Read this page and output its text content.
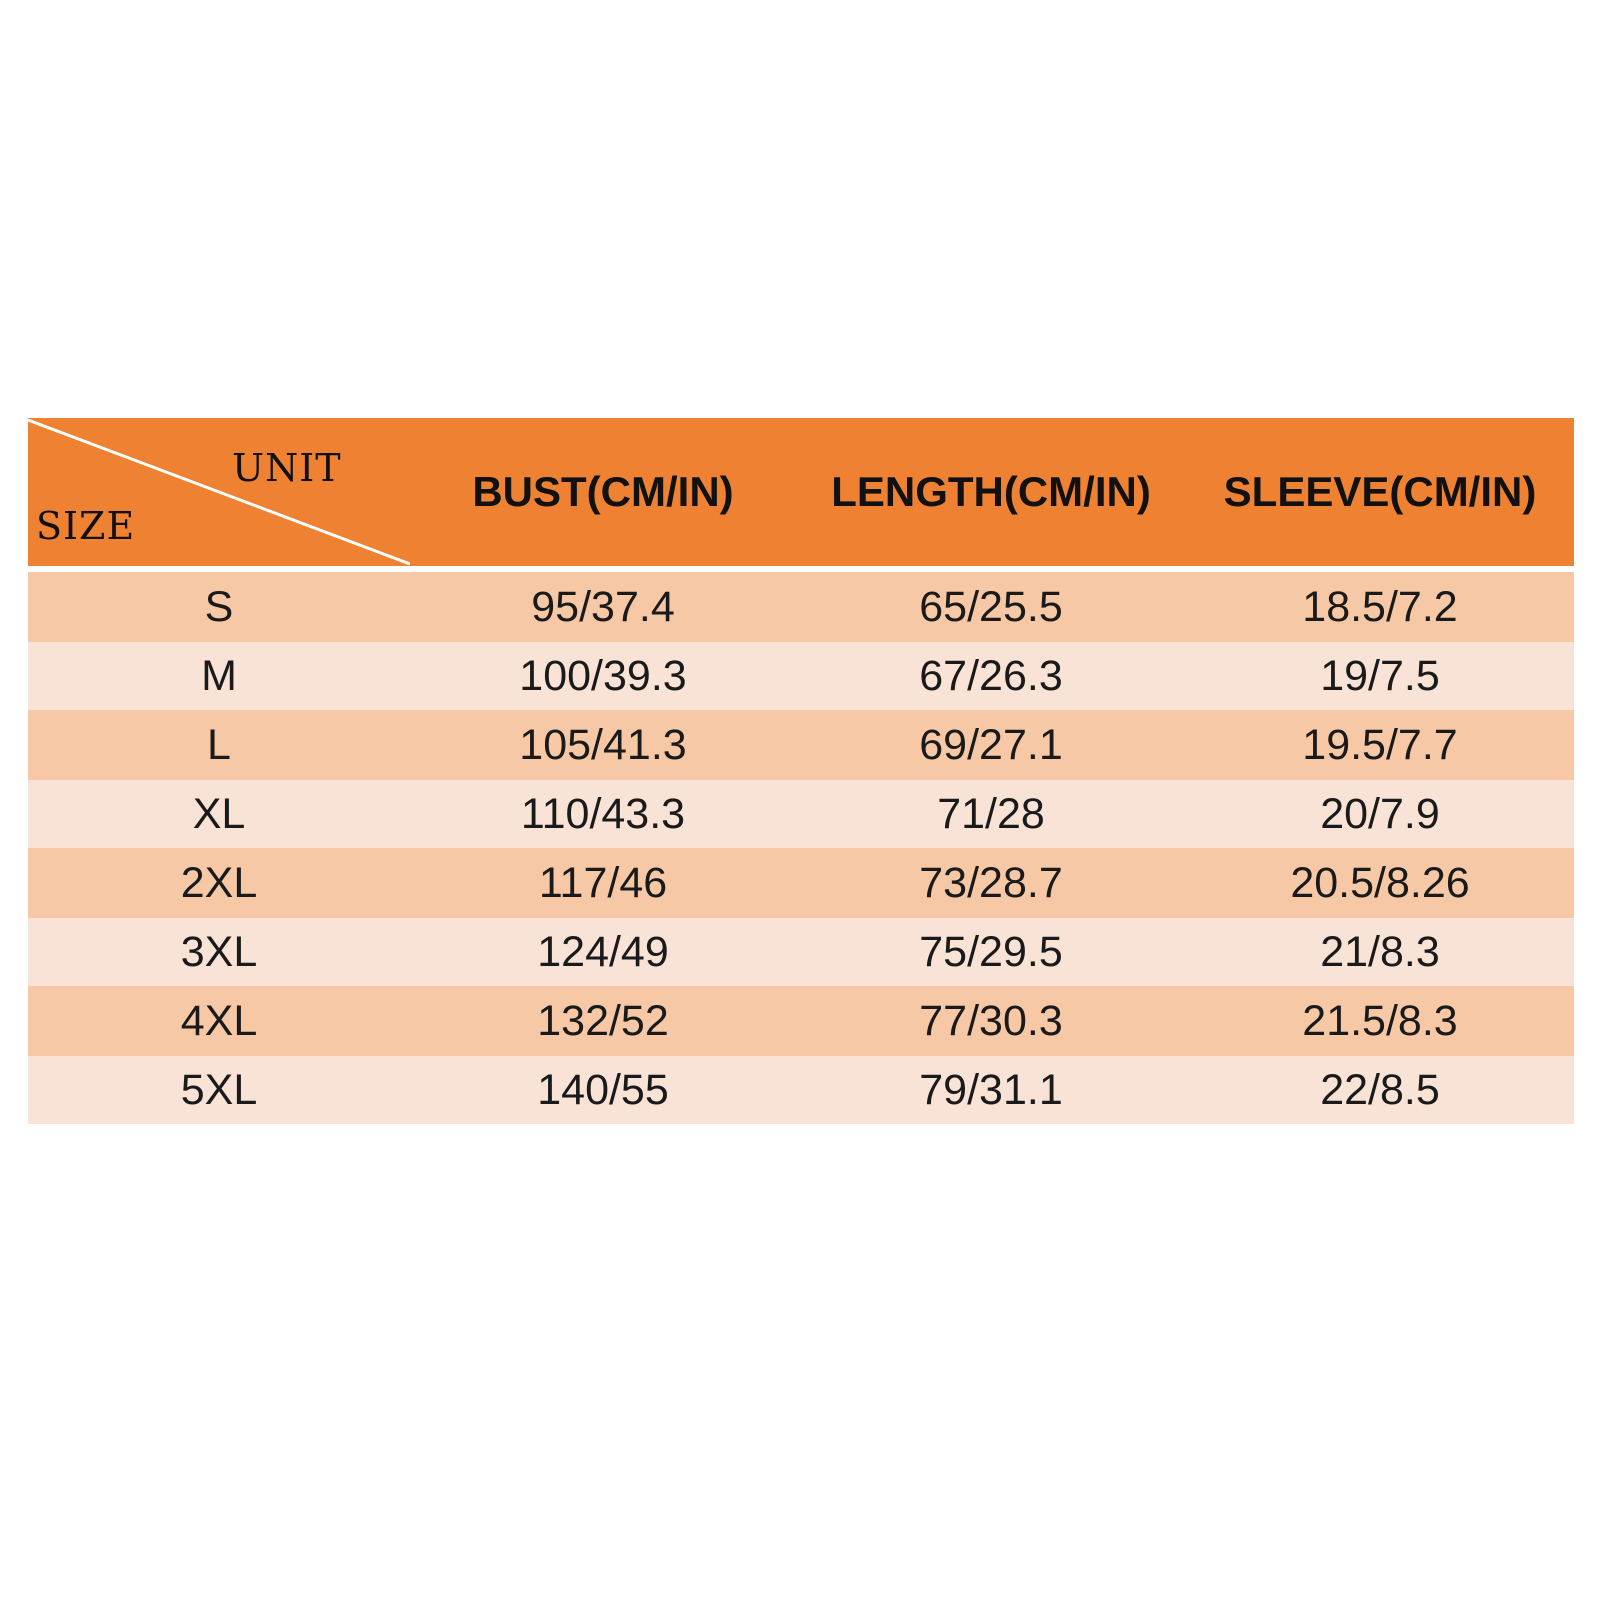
UNIT
SIZE
BUST(CM/IN)	LENGTH(CM/IN)	SLEEVE(CM/IN)
S	95/37.4	65/25.5	18.5/7.2
M	100/39.3	67/26.3	19/7.5
L	105/41.3	69/27.1	19.5/7.7
XL	110/43.3	71/28	20/7.9
2XL	117/46	73/28.7	20.5/8.26
3XL	124/49	75/29.5	21/8.3
4XL	132/52	77/30.3	21.5/8.3
5XL	140/55	79/31.1	22/8.5
